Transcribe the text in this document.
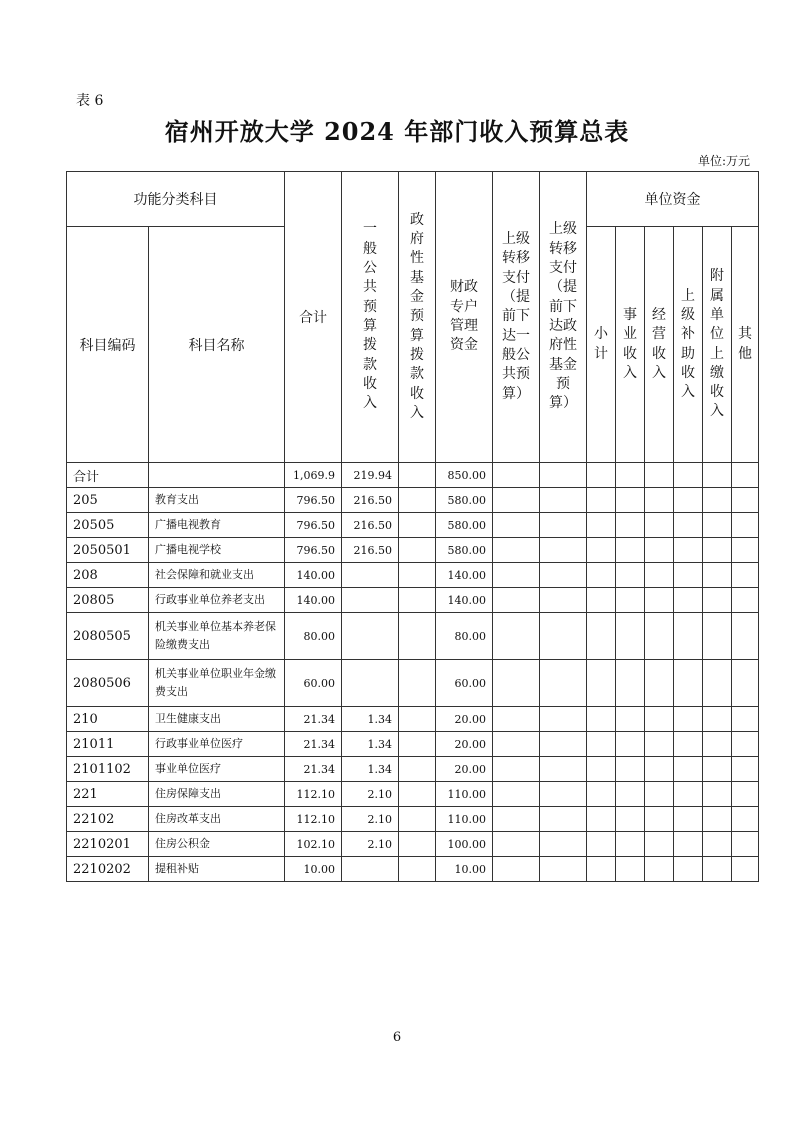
表 6
宿州开放大学 2024 年部门收入预算总表
单位:万元
功能分类科目		合计	一般公共预算拨款收入	政府性基金预算拨款收入	财政专户管理资金	上级转移支付（提前下达一般公共预算）	上级转移支付（提前下达政府性基金预算）	单位资金					
科目编码	科目名称							小计	事业收入	经营收入	上级补助收入	附属单位上缴收入	其他

合计		1,069.9	219.94		850.00								
205	教育支出	796.50	216.50		580.00								
20505	广播电视教育	796.50	216.50		580.00								
2050501	广播电视学校	796.50	216.50		580.00								
208	社会保障和就业支出	140.00			140.00								
20805	行政事业单位养老支出	140.00			140.00								
2080505	机关事业单位基本养老保险缴费支出	80.00			80.00								
2080506	机关事业单位职业年金缴费支出	60.00			60.00								
210	卫生健康支出	21.34	1.34		20.00								
21011	行政事业单位医疗	21.34	1.34		20.00								
2101102	事业单位医疗	21.34	1.34		20.00								
221	住房保障支出	112.10	2.10		110.00								
22102	住房改革支出	112.10	2.10		110.00								
2210201	住房公积金	102.10	2.10		100.00								
2210202	提租补贴	10.00			10.00								
6
